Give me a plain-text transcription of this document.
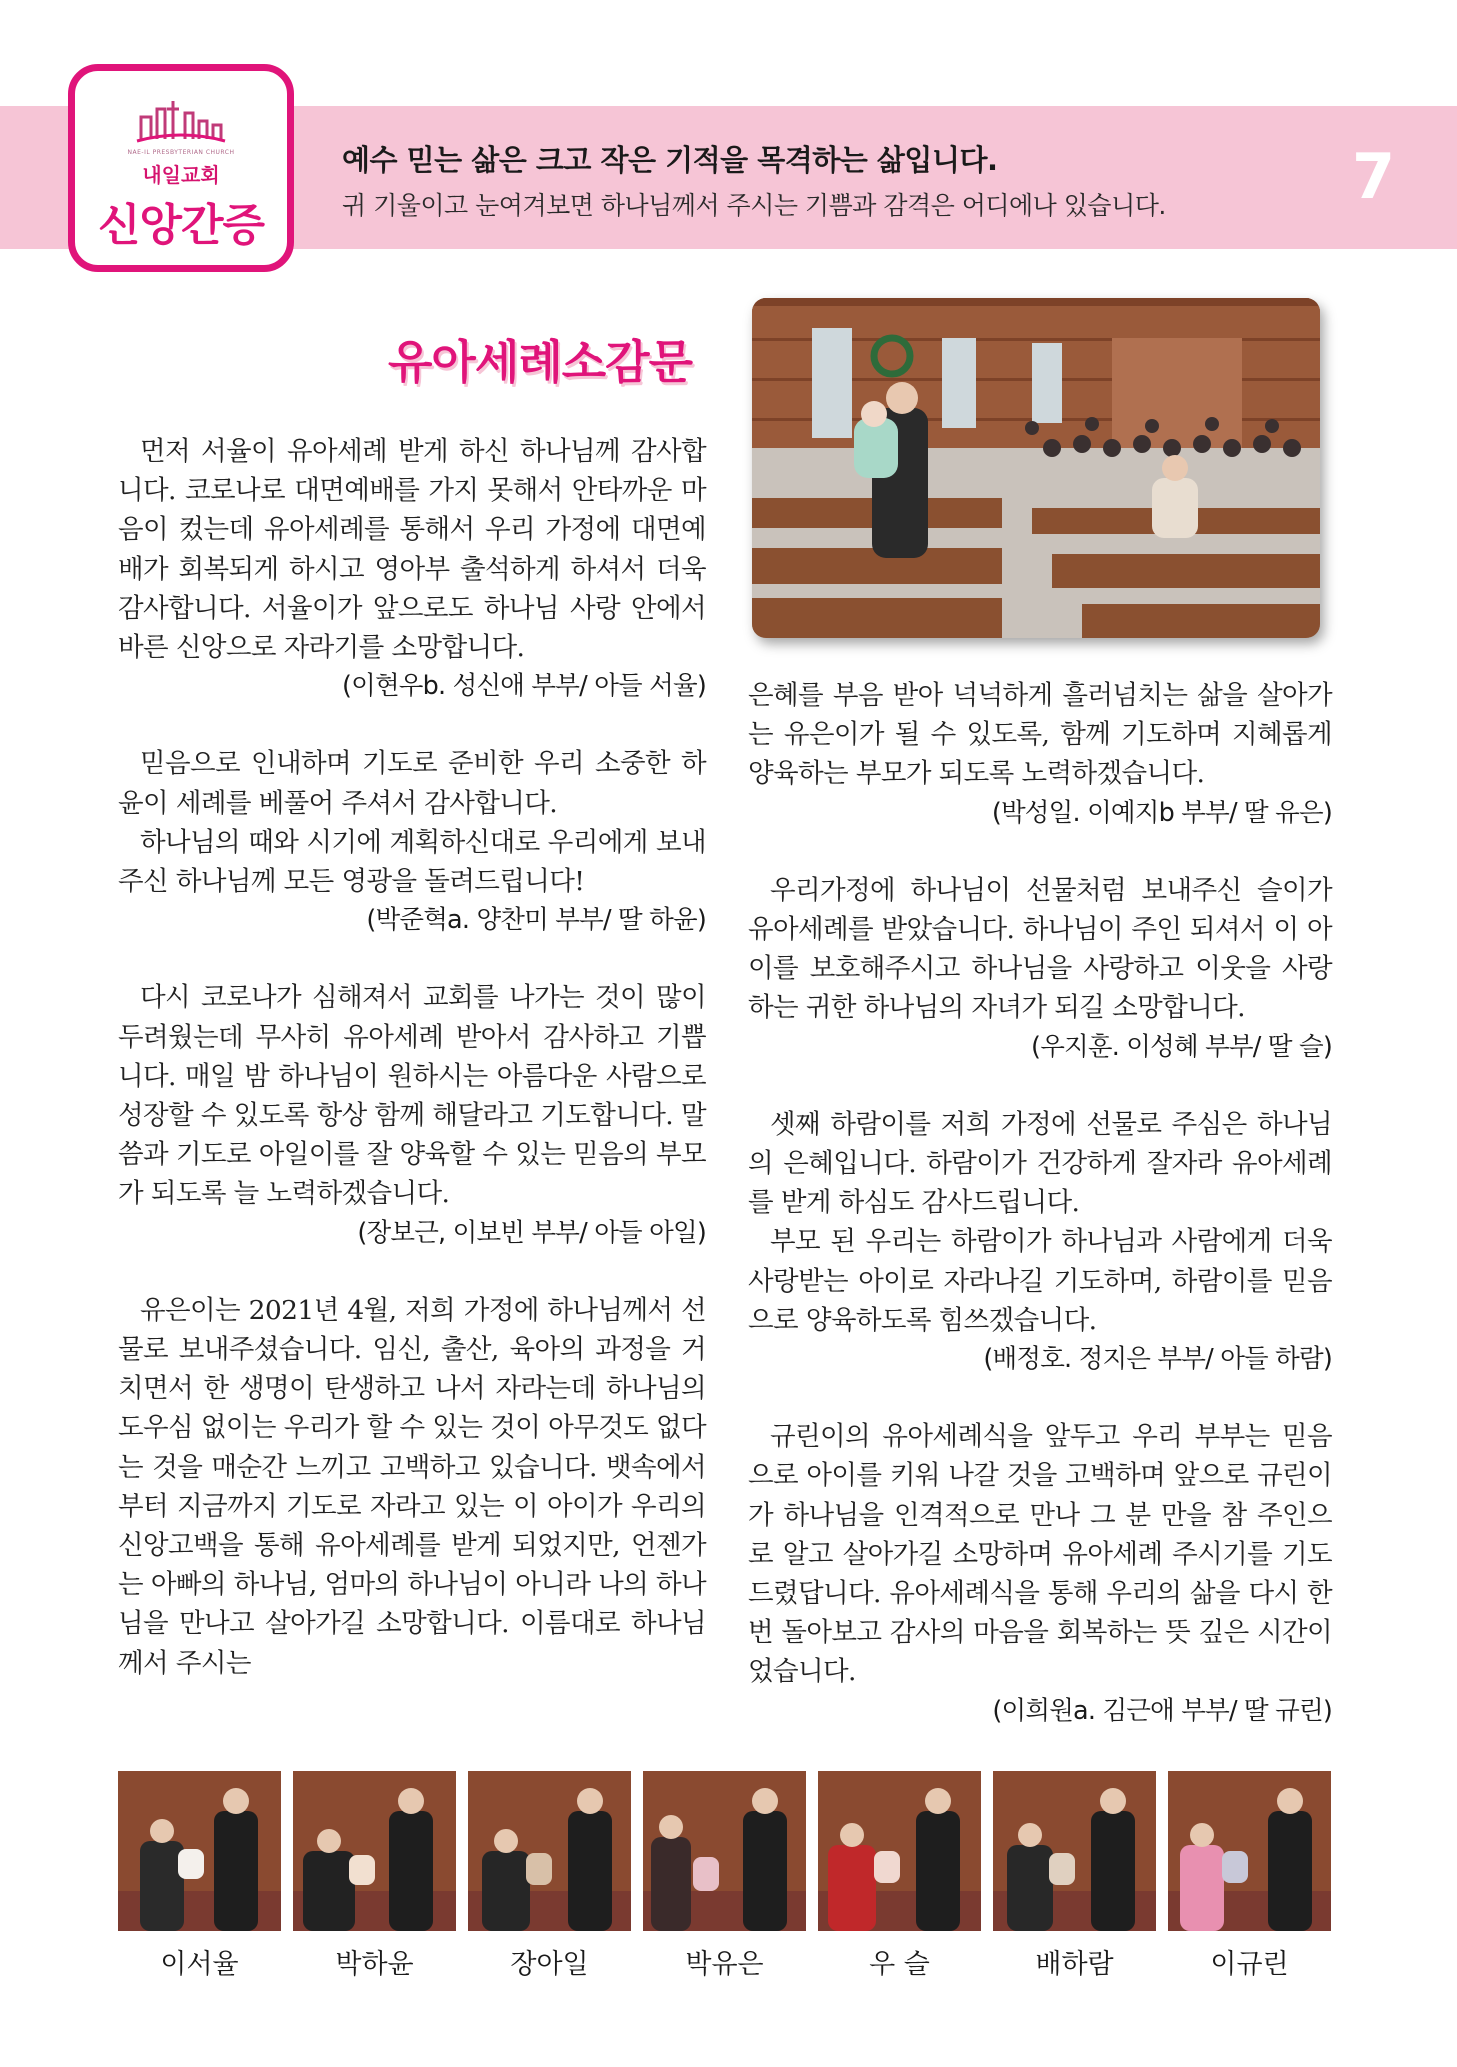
NAE-IL PRESBYTERIAN CHURCH
내일교회
신앙간증
예수 믿는 삶은 크고 작은 기적을 목격하는 삶입니다.
귀 기울이고 눈여겨보면 하나님께서 주시는 기쁨과 감격은 어디에나 있습니다.	7
유아세례소감문

먼저 서율이 유아세례 받게 하신 하나님께 감사합니다. 코로나로 대면예배를 가지 못해서 안타까운 마음이 컸는데 유아세례를 통해서 우리 가정에 대면예배가 회복되게 하시고 영아부 출석하게 하셔서 더욱 감사합니다. 서율이가 앞으로도 하나님 사랑 안에서 바른 신앙으로 자라기를 소망합니다.

(이현우b. 성신애 부부/ 아들 서율)

믿음으로 인내하며 기도로 준비한 우리 소중한 하윤이 세례를 베풀어 주셔서 감사합니다.

하나님의 때와 시기에 계획하신대로 우리에게 보내주신 하나님께 모든 영광을 돌려드립니다!

(박준혁a. 양찬미 부부/ 딸 하윤)

다시 코로나가 심해져서 교회를 나가는 것이 많이 두려웠는데 무사히 유아세례 받아서 감사하고 기쁩니다. 매일 밤 하나님이 원하시는 아름다운 사람으로 성장할 수 있도록 항상 함께 해달라고 기도합니다. 말씀과 기도로 아일이를 잘 양육할 수 있는 믿음의 부모가 되도록 늘 노력하겠습니다.

(장보근, 이보빈 부부/ 아들 아일)

유은이는 2021년 4월, 저희 가정에 하나님께서 선물로 보내주셨습니다. 임신, 출산, 육아의 과정을 거치면서 한 생명이 탄생하고 나서 자라는데 하나님의 도우심 없이는 우리가 할 수 있는 것이 아무것도 없다는 것을 매순간 느끼고 고백하고 있습니다. 뱃속에서부터 지금까지 기도로 자라고 있는 이 아이가 우리의 신앙고백을 통해 유아세례를 받게 되었지만, 언젠가는 아빠의 하나님, 엄마의 하나님이 아니라 나의 하나님을 만나고 살아가길 소망합니다. 이름대로 하나님께서 주시는

은혜를 부음 받아 넉넉하게 흘러넘치는 삶을 살아가는 유은이가 될 수 있도록, 함께 기도하며 지혜롭게 양육하는 부모가 되도록 노력하겠습니다.

(박성일. 이예지b 부부/ 딸 유은)

우리가정에 하나님이 선물처럼 보내주신 슬이가 유아세례를 받았습니다. 하나님이 주인 되셔서 이 아이를 보호해주시고 하나님을 사랑하고 이웃을 사랑하는 귀한 하나님의 자녀가 되길 소망합니다.

(우지훈. 이성혜 부부/ 딸 슬)

셋째 하람이를 저희 가정에 선물로 주심은 하나님의 은혜입니다. 하람이가 건강하게 잘자라 유아세례를 받게 하심도 감사드립니다.

부모 된 우리는 하람이가 하나님과 사람에게 더욱 사랑받는 아이로 자라나길 기도하며, 하람이를 믿음으로 양육하도록 힘쓰겠습니다.

(배정호. 정지은 부부/ 아들 하람)

규린이의 유아세례식을 앞두고 우리 부부는 믿음으로 아이를 키워 나갈 것을 고백하며 앞으로 규린이가 하나님을 인격적으로 만나 그 분 만을 참 주인으로 알고 살아가길 소망하며 유아세례 주시기를 기도 드렸답니다. 유아세례식을 통해 우리의 삶을 다시 한 번 돌아보고 감사의 마음을 회복하는 뜻 깊은 시간이었습니다.

(이희원a. 김근애 부부/ 딸 규린)

이서율	박하윤	장아일	박유은	우 슬	배하람	이규린
